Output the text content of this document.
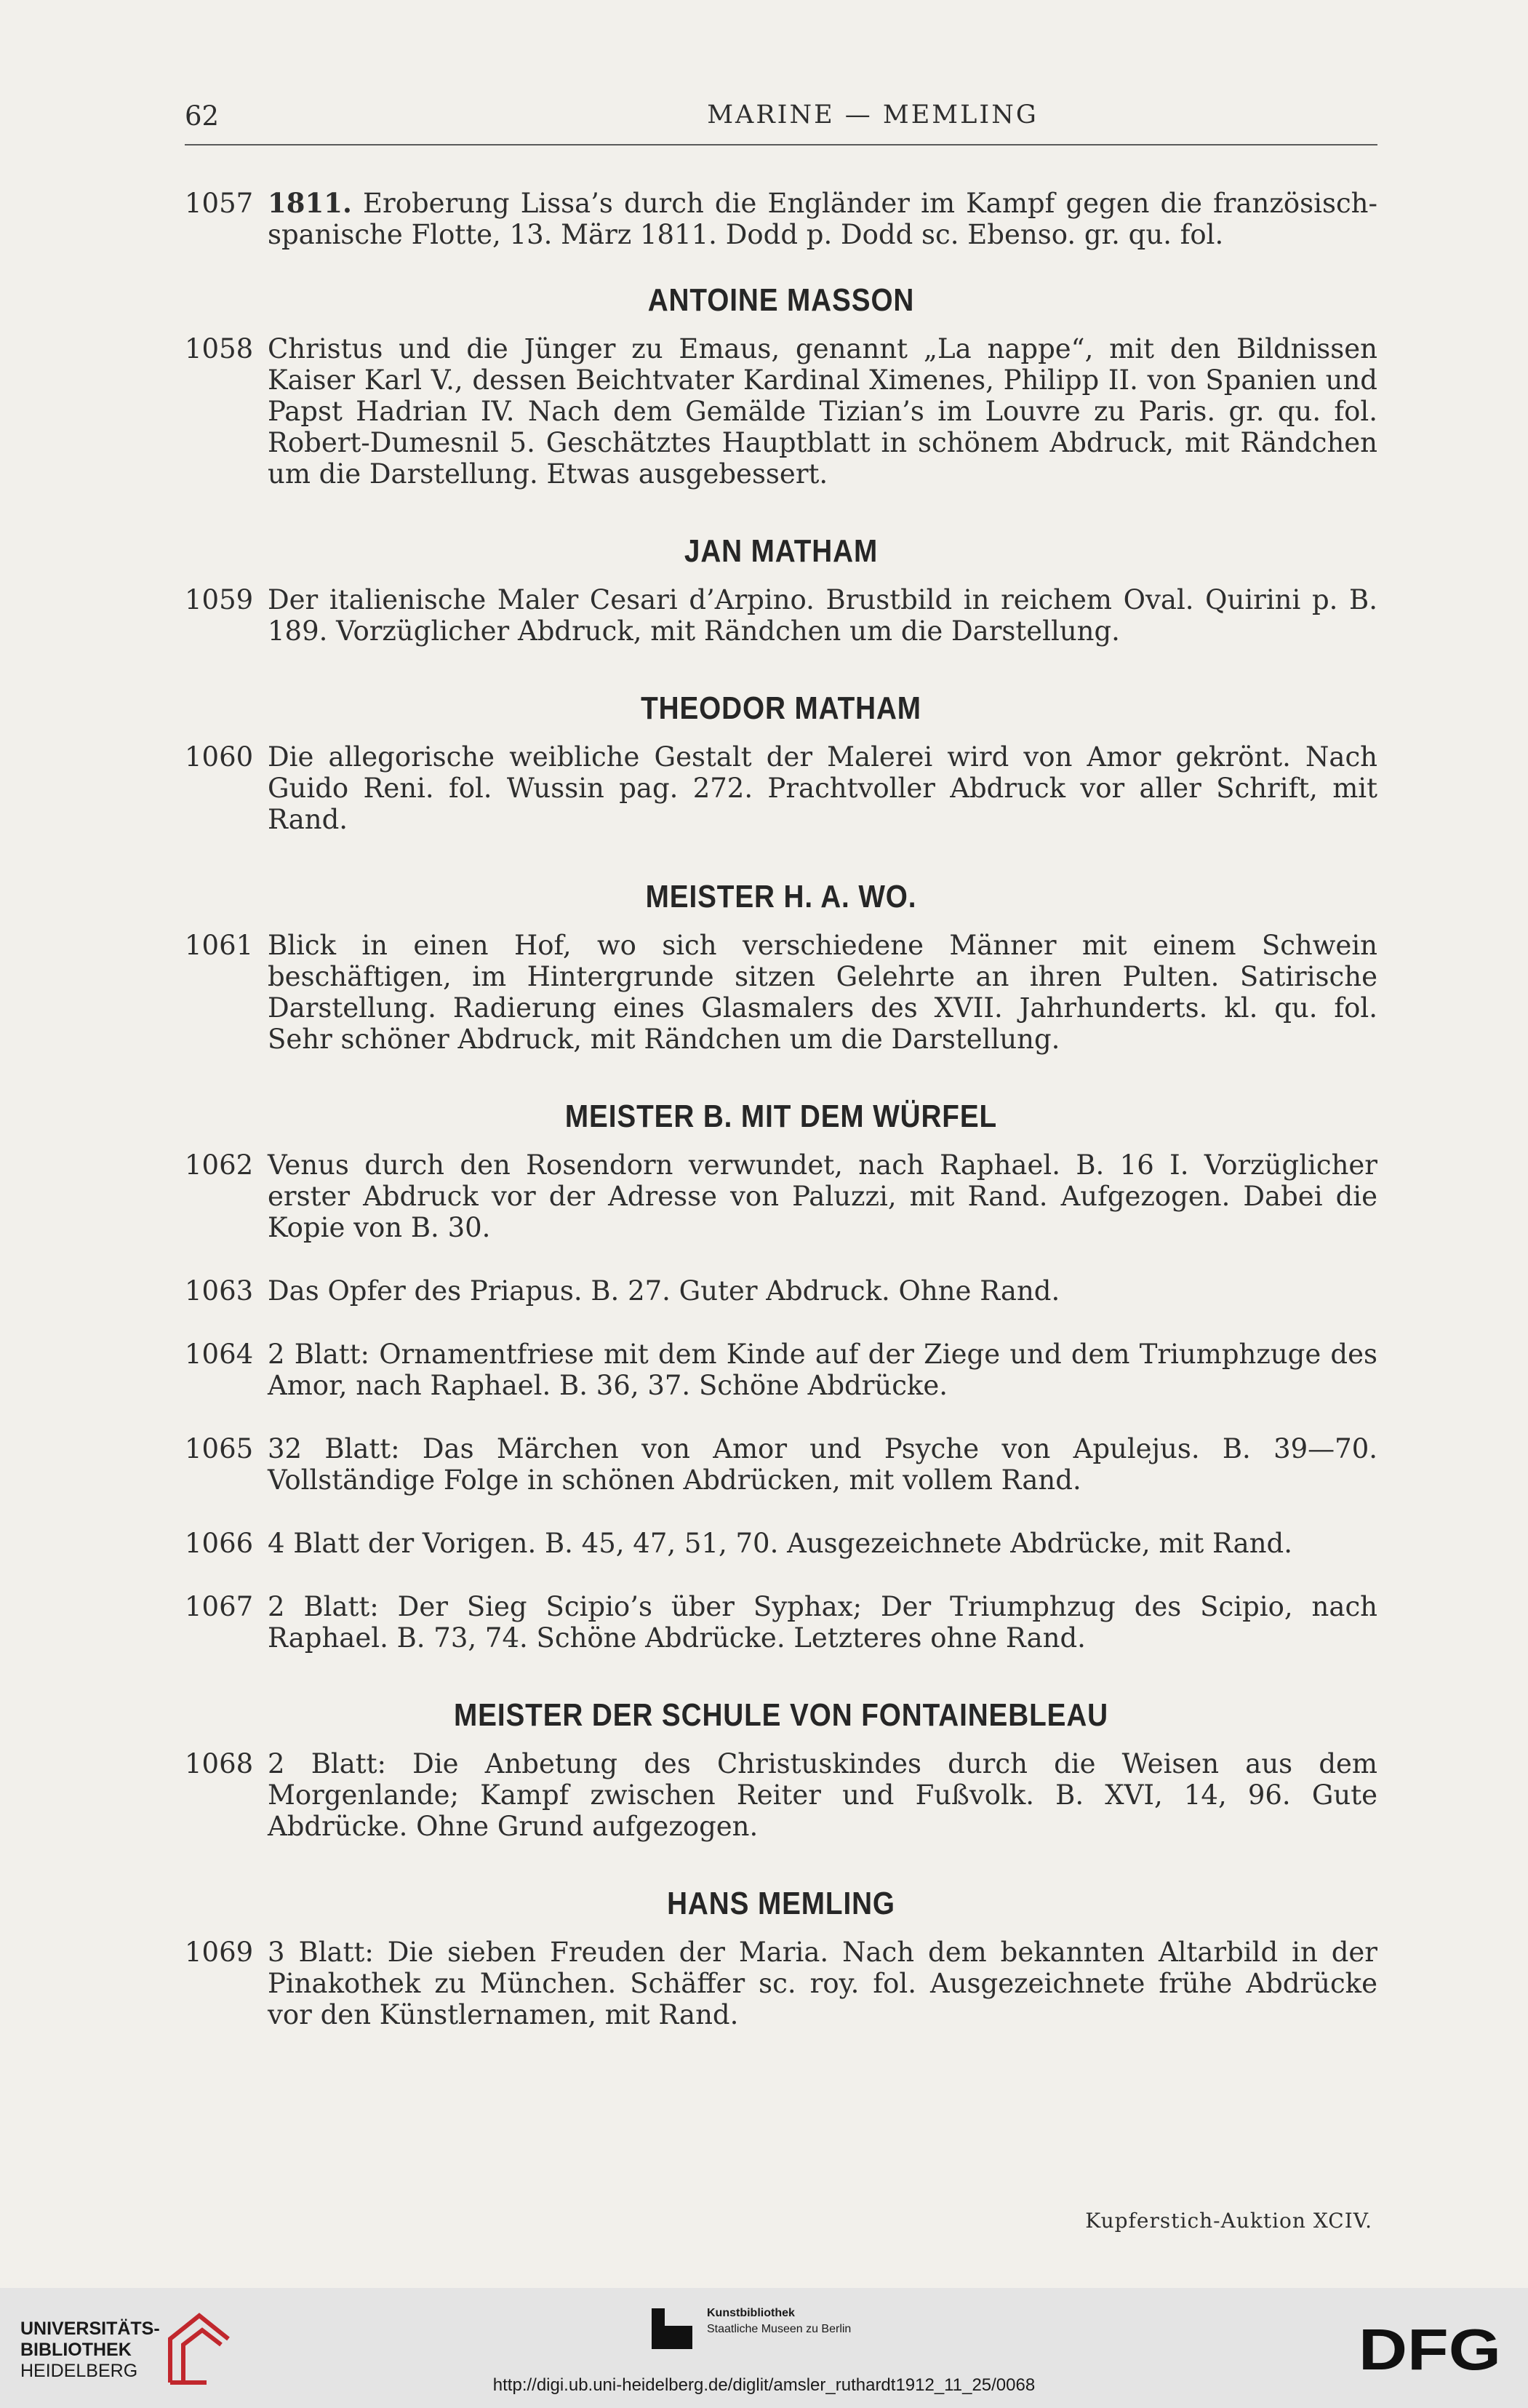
62	MARINE — MEMLING
1057 1811. Eroberung Lissa’s durch die Engländer im Kampf gegen die französisch-spanische Flotte, 13. März 1811. Dodd p. Dodd sc. Ebenso. gr. qu. fol.
ANTOINE MASSON
1058 Christus und die Jünger zu Emaus, genannt „La nappe“, mit den Bildnissen Kaiser Karl V., dessen Beichtvater Kardinal Ximenes, Philipp II. von Spanien und Papst Hadrian IV. Nach dem Gemälde Tizian’s im Louvre zu Paris. gr. qu. fol. Robert-Dumesnil 5. Geschätztes Hauptblatt in schönem Abdruck, mit Rändchen um die Darstellung. Etwas ausgebessert.
JAN MATHAM
1059 Der italienische Maler Cesari d’Arpino. Brustbild in reichem Oval. Quirini p. B. 189. Vorzüglicher Abdruck, mit Rändchen um die Darstellung.
THEODOR MATHAM
1060 Die allegorische weibliche Gestalt der Malerei wird von Amor gekrönt. Nach Guido Reni. fol. Wussin pag. 272. Prachtvoller Abdruck vor aller Schrift, mit Rand.
MEISTER H. A. WO.
1061 Blick in einen Hof, wo sich verschiedene Männer mit einem Schwein beschäftigen, im Hintergrunde sitzen Gelehrte an ihren Pulten. Satirische Darstellung. Radierung eines Glasmalers des XVII. Jahrhunderts. kl. qu. fol. Sehr schöner Abdruck, mit Rändchen um die Darstellung.
MEISTER B. MIT DEM WÜRFEL
1062 Venus durch den Rosendorn verwundet, nach Raphael. B. 16 I. Vorzüglicher erster Abdruck vor der Adresse von Paluzzi, mit Rand. Aufgezogen. Dabei die Kopie von B. 30.
1063 Das Opfer des Priapus. B. 27. Guter Abdruck. Ohne Rand.
1064 2 Blatt: Ornamentfriese mit dem Kinde auf der Ziege und dem Triumphzuge des Amor, nach Raphael. B. 36, 37. Schöne Abdrücke.
1065 32 Blatt: Das Märchen von Amor und Psyche von Apulejus. B. 39—70. Vollständige Folge in schönen Abdrücken, mit vollem Rand.
1066 4 Blatt der Vorigen. B. 45, 47, 51, 70. Ausgezeichnete Abdrücke, mit Rand.
1067 2 Blatt: Der Sieg Scipio’s über Syphax; Der Triumphzug des Scipio, nach Raphael. B. 73, 74. Schöne Abdrücke. Letzteres ohne Rand.
MEISTER DER SCHULE VON FONTAINEBLEAU
1068 2 Blatt: Die Anbetung des Christuskindes durch die Weisen aus dem Morgenlande; Kampf zwischen Reiter und Fußvolk. B. XVI, 14, 96. Gute Abdrücke. Ohne Grund aufgezogen.
HANS MEMLING
1069 3 Blatt: Die sieben Freuden der Maria. Nach dem bekannten Altarbild in der Pinakothek zu München. Schäffer sc. roy. fol. Ausgezeichnete frühe Abdrücke vor den Künstlernamen, mit Rand.
Kupferstich-Auktion XCIV.
UNIVERSITÄTS-
BIBLIOTHEK
HEIDELBERG
Kunstbibliothek
Staatliche Museen zu Berlin	DFG
http://digi.ub.uni-heidelberg.de/diglit/amsler_ruthardt1912_11_25/0068
